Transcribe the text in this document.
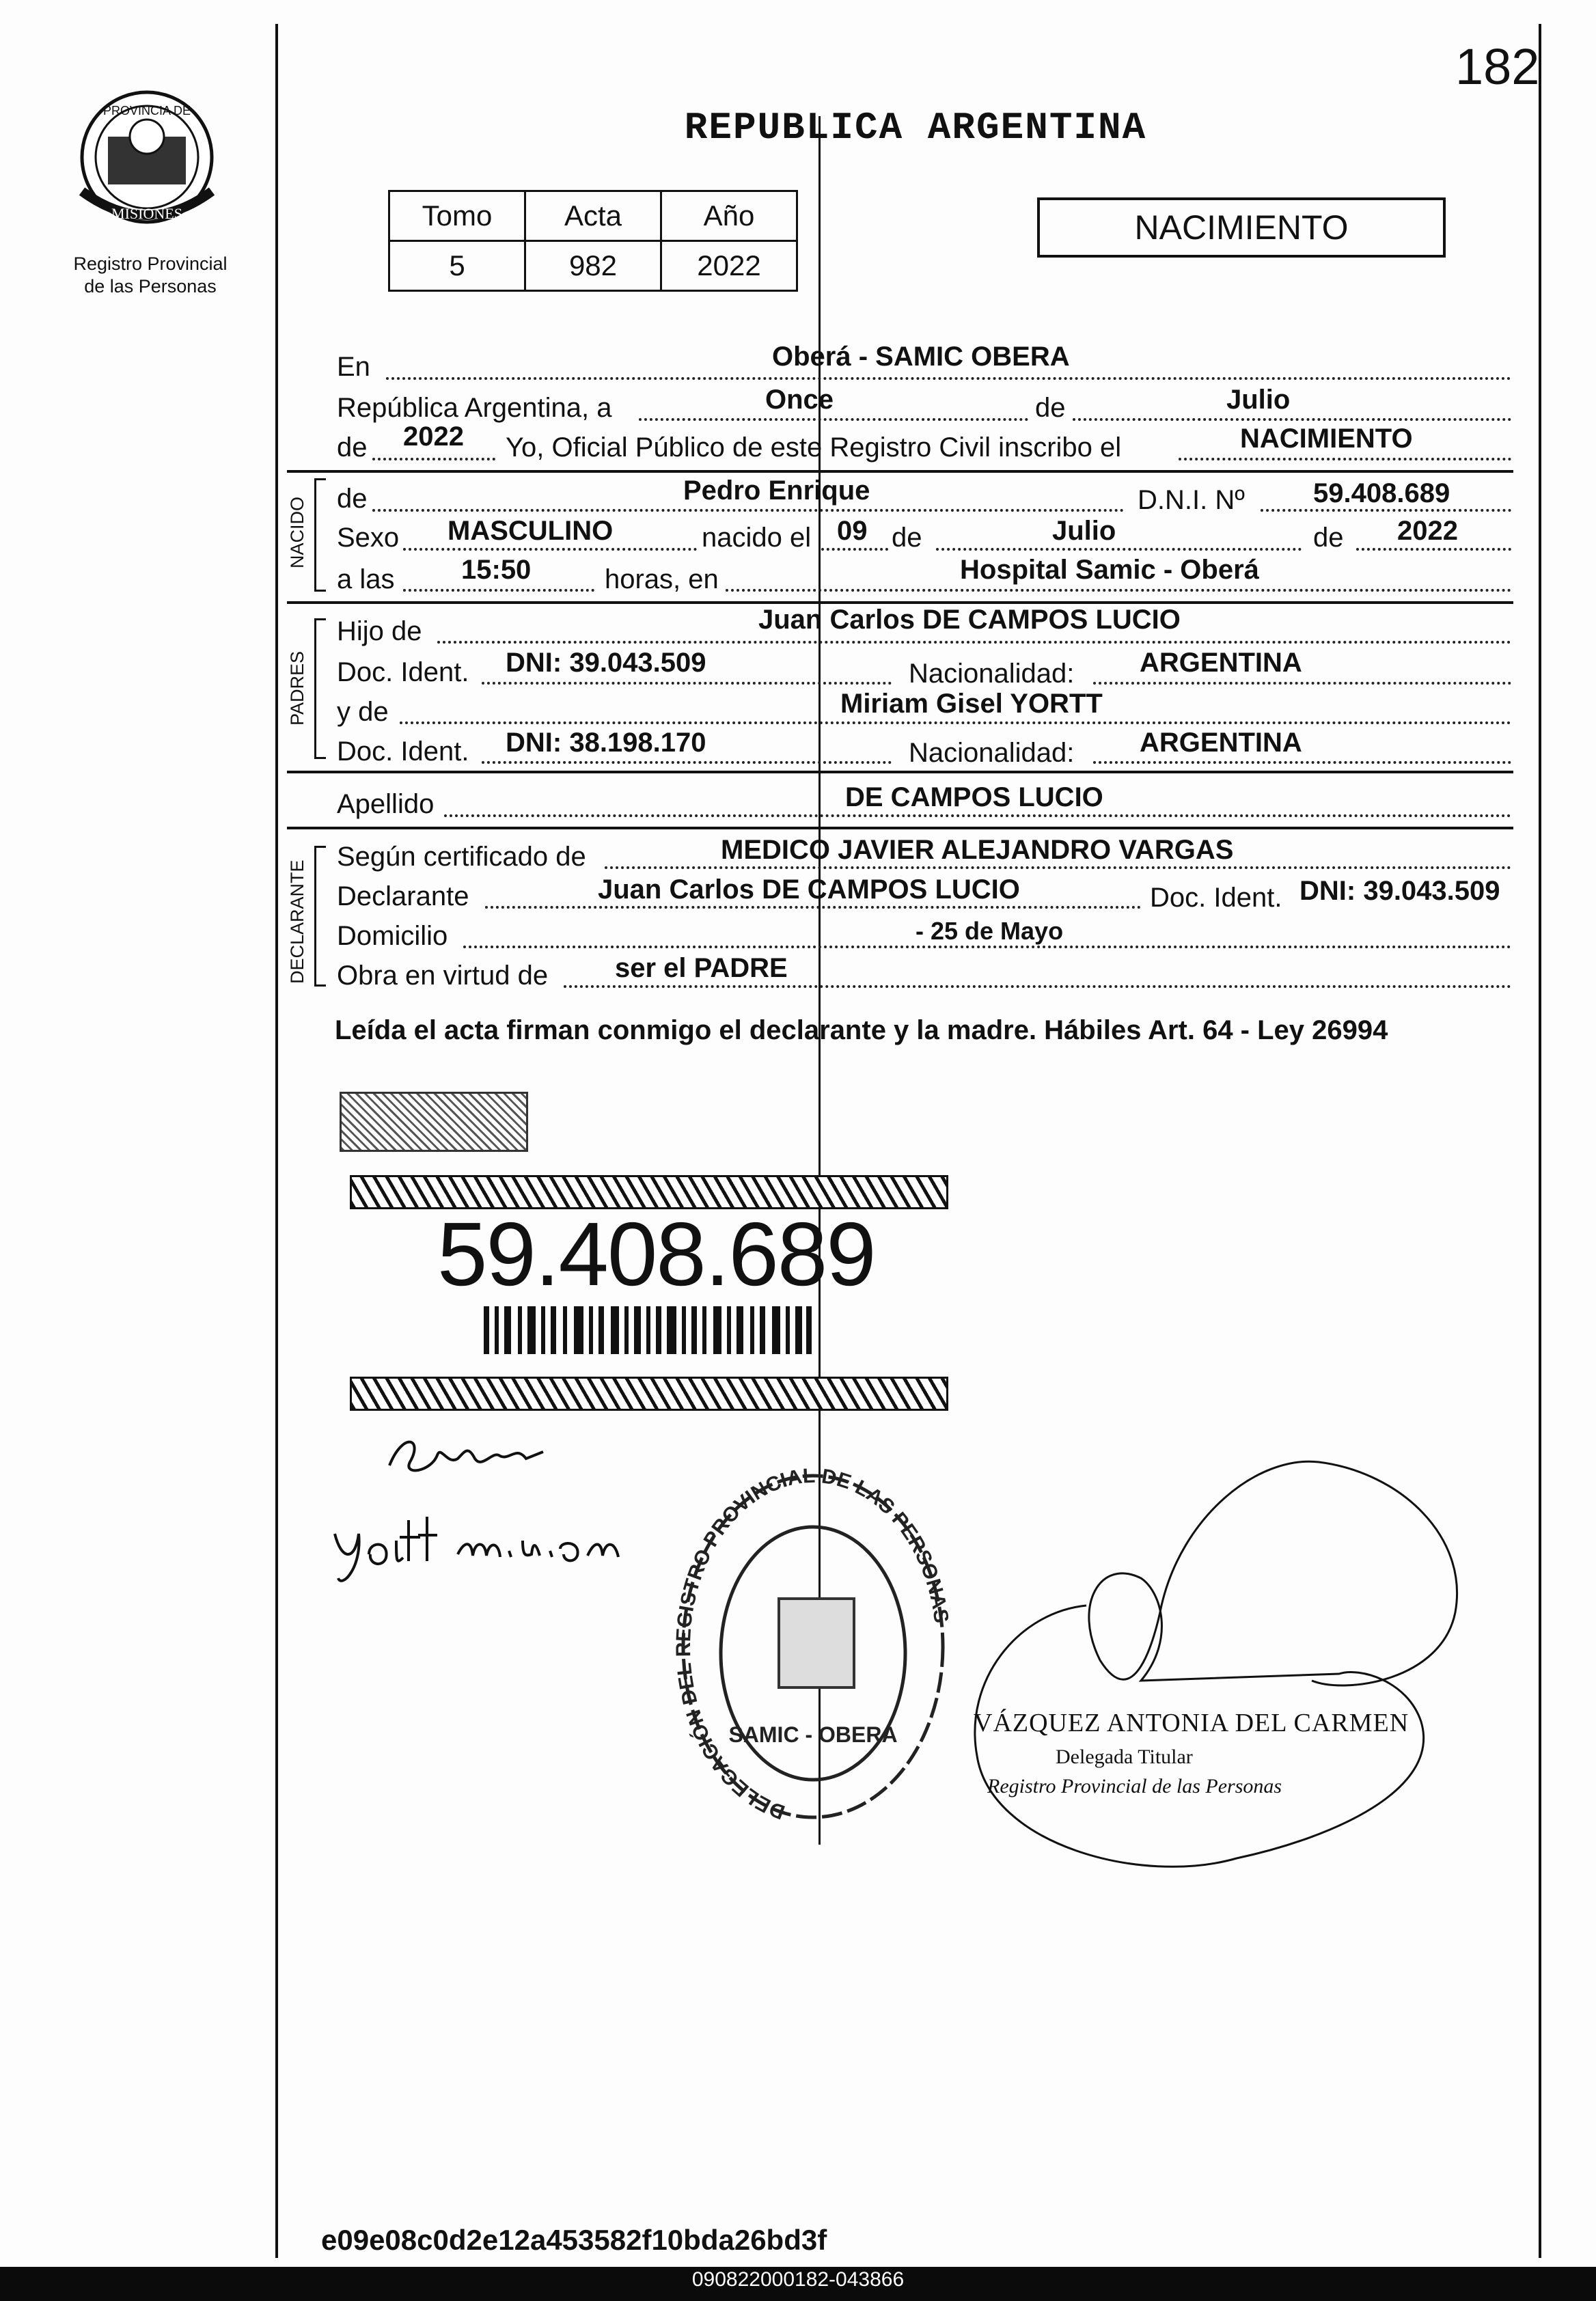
182
PROVINCIA DE
MISIONES
Registro Provincial
de las Personas
REPUBLICA ARGENTINA
Tomo	Acta	Año
5	982	2022
NACIMIENTO
En	Oberá - SAMIC OBERA
República Argentina, a	Once	de	Julio
de 2022 Yo, Oficial Público de este Registro Civil inscribo el	NACIMIENTO
NACIDO de	Pedro Enrique	D.N.I. Nº	59.408.689
Sexo MASCULINO	nacido el 09 de	Julio	de 2022
a las 15:50	horas, en	Hospital Samic - Oberá
PADRES
Hijo de	Juan Carlos DE CAMPOS LUCIO
Doc. Ident. DNI: 39.043.509	Nacionalidad: ARGENTINA
y de	Miriam Gisel YORTT
Doc. Ident. DNI: 38.198.170	Nacionalidad: ARGENTINA
Apellido	DE CAMPOS LUCIO
DECLARANTE
Según certificado de	MEDICO JAVIER ALEJANDRO VARGAS
Declarante	Juan Carlos DE CAMPOS LUCIO	Doc. Ident. DNI: 39.043.509
Domicilio	- 25 de Mayo
Obra en virtud de ser el PADRE
Leída el acta firman conmigo el declarante y la madre. Hábiles Art. 64 - Ley 26994
59.408.689
DELEGACIÓN DEL REGISTRO PROVINCIAL DE LAS PERSONAS
SAMIC - OBERA	VÁZQUEZ ANTONIA DEL CARMEN
Delegada Titular
Registro Provincial de las Personas
e09e08c0d2e12a453582f10bda26bd3f
090822000182-043866
